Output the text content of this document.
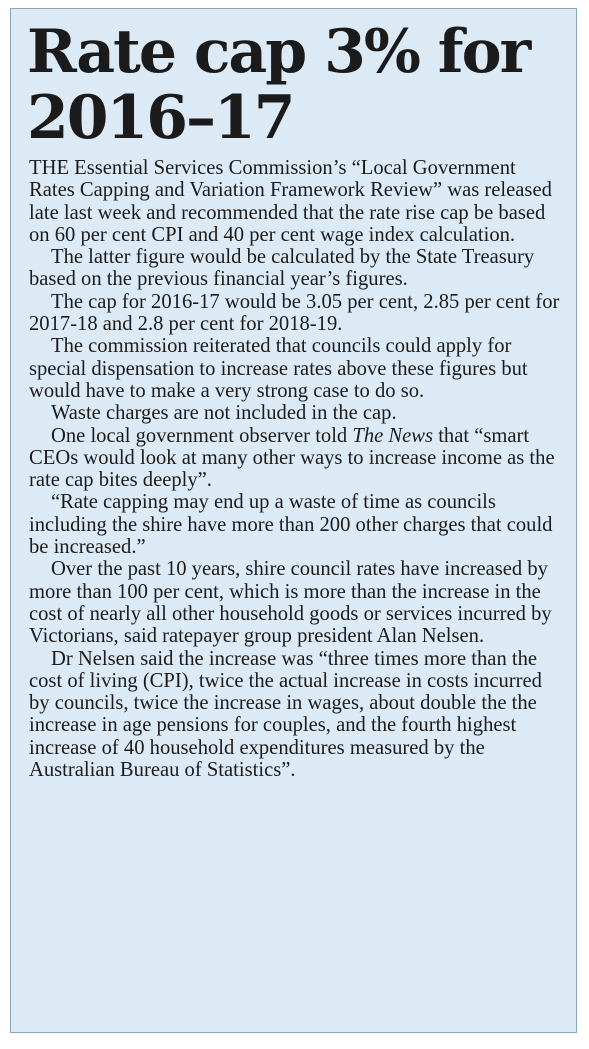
Rate cap 3% for 2016–17

THE Essential Services Commission’s “Local Government Rates Capping and Variation Framework Review” was released late last week and recommended that the rate rise cap be based on 60 per cent CPI and 40 per cent wage index calculation.

The latter figure would be calculated by the State Treasury based on the previous financial year’s figures.

The cap for 2016-17 would be 3.05 per cent, 2.85 per cent for 2017-18 and 2.8 per cent for 2018-19.

The commission reiterated that councils could apply for special dispensation to increase rates above these figures but would have to make a very strong case to do so.

Waste charges are not included in the cap.

One local government observer told The News that “smart CEOs would look at many other ways to increase income as the rate cap bites deeply”.

“Rate capping may end up a waste of time as councils including the shire have more than 200 other charges that could be increased.”

Over the past 10 years, shire council rates have increased by more than 100 per cent, which is more than the increase in the cost of nearly all other household goods or services incurred by Victorians, said ratepayer group president Alan Nelsen.

Dr Nelsen said the increase was “three times more than the cost of living (CPI), twice the actual increase in costs incurred by councils, twice the increase in wages, about double the the increase in age pensions for couples, and the fourth highest increase of 40 household expenditures measured by the Australian Bureau of Statistics”.
